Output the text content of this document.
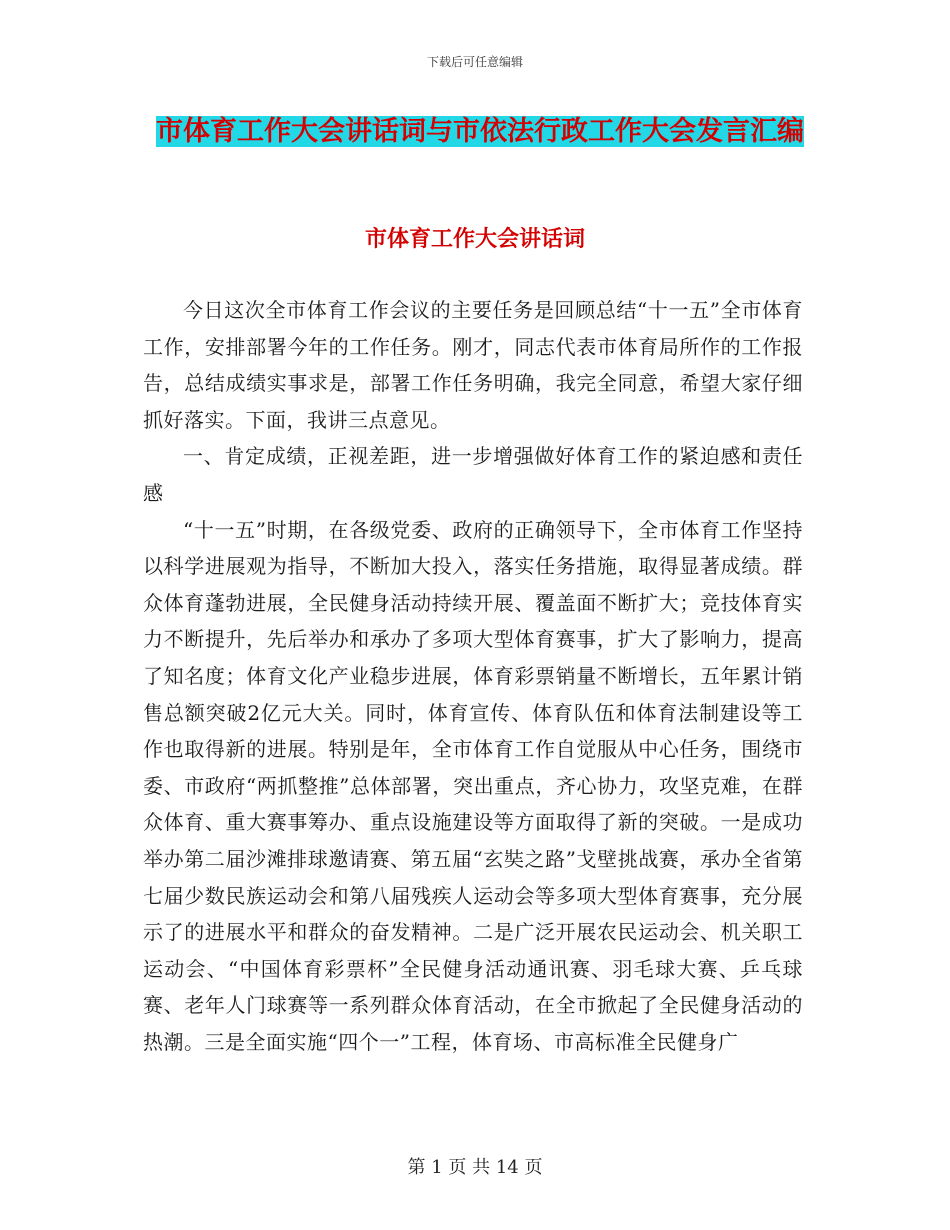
下载后可任意编辑
市体育工作大会讲话词与市依法行政工作大会发言汇编
市体育工作大会讲话词

今日这次全市体育工作会议的主要任务是回顾总结“十一五”全市体育工作，安排部署今年的工作任务。刚才，同志代表市体育局所作的工作报告，总结成绩实事求是，部署工作任务明确，我完全同意，希望大家仔细抓好落实。下面，我讲三点意见。

一、肯定成绩，正视差距，进一步增强做好体育工作的紧迫感和责任感

“十一五”时期，在各级党委、政府的正确领导下，全市体育工作坚持以科学进展观为指导，不断加大投入，落实任务措施，取得显著成绩。群众体育蓬勃进展，全民健身活动持续开展、覆盖面不断扩大；竞技体育实力不断提升，先后举办和承办了多项大型体育赛事，扩大了影响力，提高了知名度；体育文化产业稳步进展，体育彩票销量不断增长，五年累计销售总额突破2亿元大关。同时，体育宣传、体育队伍和体育法制建设等工作也取得新的进展。特别是年，全市体育工作自觉服从中心任务，围绕市委、市政府“两抓整推”总体部署，突出重点，齐心协力，攻坚克难，在群众体育、重大赛事筹办、重点设施建设等方面取得了新的突破。一是成功举办第二届沙滩排球邀请赛、第五届“玄奘之路”戈壁挑战赛，承办全省第七届少数民族运动会和第八届残疾人运动会等多项大型体育赛事，充分展示了的进展水平和群众的奋发精神。二是广泛开展农民运动会、机关职工运动会、“中国体育彩票杯”全民健身活动通讯赛、羽毛球大赛、乒乓球赛、老年人门球赛等一系列群众体育活动，在全市掀起了全民健身活动的热潮。三是全面实施“四个一”工程，体育场、市高标准全民健身广

第 1 页 共 14 页
